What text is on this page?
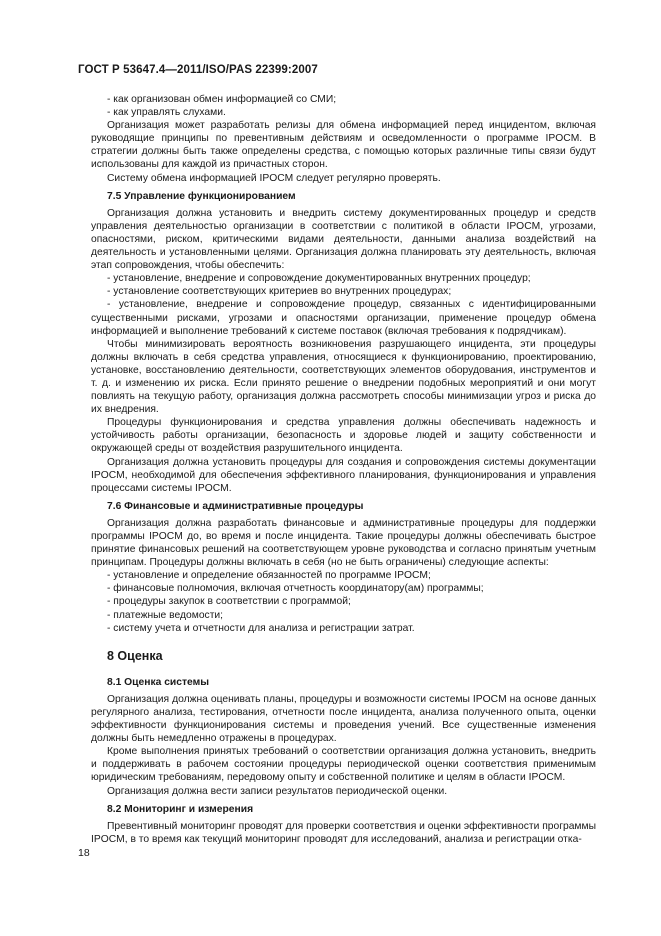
ГОСТ Р 53647.4—2011/ISO/PAS 22399:2007
- как организован обмен информацией со СМИ;
- как управлять слухами.
Организация может разработать релизы для обмена информацией перед инцидентом, включая руководящие принципы по превентивным действиям и осведомленности о программе IPOCM. В стратегии должны быть также определены средства, с помощью которых различные типы связи будут использованы для каждой из причастных сторон.
Систему обмена информацией IPOCM следует регулярно проверять.
7.5 Управление функционированием
Организация должна установить и внедрить систему документированных процедур и средств управления деятельностью организации в соответствии с политикой в области IPOCM, угрозами, опасностями, риском, критическими видами деятельности, данными анализа воздействий на деятельность и установленными целями. Организация должна планировать эту деятельность, включая этап сопровождения, чтобы обеспечить:
- установление, внедрение и сопровождение документированных внутренних процедур;
- установление соответствующих критериев во внутренних процедурах;
- установление, внедрение и сопровождение процедур, связанных с идентифицированными существенными рисками, угрозами и опасностями организации, применение процедур обмена информацией и выполнение требований к системе поставок (включая требования к подрядчикам).
Чтобы минимизировать вероятность возникновения разрушающего инцидента, эти процедуры должны включать в себя средства управления, относящиеся к функционированию, проектированию, установке, восстановлению деятельности, соответствующих элементов оборудования, инструментов и т. д. и изменению их риска. Если принято решение о внедрении подобных мероприятий и они могут повлиять на текущую работу, организация должна рассмотреть способы минимизации угроз и риска до их внедрения.
Процедуры функционирования и средства управления должны обеспечивать надежность и устойчивость работы организации, безопасность и здоровье людей и защиту собственности и окружающей среды от воздействия разрушительного инцидента.
Организация должна установить процедуры для создания и сопровождения системы документации IPOCM, необходимой для обеспечения эффективного планирования, функционирования и управления процессами системы IPOCM.
7.6 Финансовые и административные процедуры
Организация должна разработать финансовые и административные процедуры для поддержки программы IPOCM до, во время и после инцидента. Такие процедуры должны обеспечивать быстрое принятие финансовых решений на соответствующем уровне руководства и согласно принятым учетным принципам. Процедуры должны включать в себя (но не быть ограничены) следующие аспекты:
- установление и определение обязанностей по программе IPOCM;
- финансовые полномочия, включая отчетность координатору(ам) программы;
- процедуры закупок в соответствии с программой;
- платежные ведомости;
- систему учета и отчетности для анализа и регистрации затрат.
8 Оценка
8.1 Оценка системы
Организация должна оценивать планы, процедуры и возможности системы IPOCM на основе данных регулярного анализа, тестирования, отчетности после инцидента, анализа полученного опыта, оценки эффективности функционирования системы и проведения учений. Все существенные изменения должны быть немедленно отражены в процедурах.
Кроме выполнения принятых требований о соответствии организация должна установить, внедрить и поддерживать в рабочем состоянии процедуры периодической оценки соответствия применимым юридическим требованиям, передовому опыту и собственной политике и целям в области IPOCM.
Организация должна вести записи результатов периодической оценки.
8.2 Мониторинг и измерения
Превентивный мониторинг проводят для проверки соответствия и оценки эффективности программы IPOCM, в то время как текущий мониторинг проводят для исследований, анализа и регистрации отка-
18
